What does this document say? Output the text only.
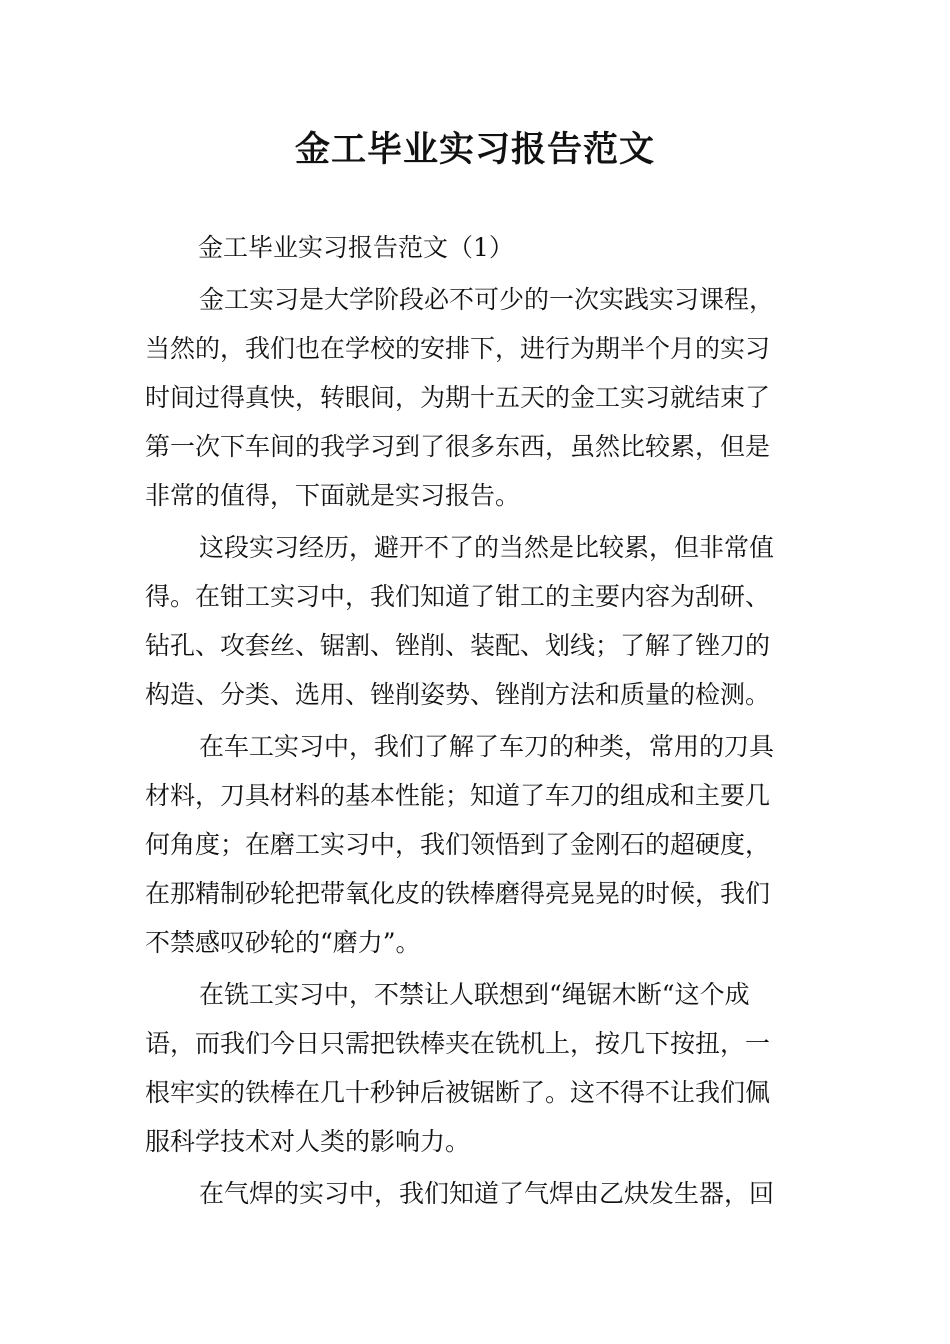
金工毕业实习报告范文
金工毕业实习报告范文（1）
金工实习是大学阶段必不可少的一次实践实习课程，
当然的，我们也在学校的安排下，进行为期半个月的实习
时间过得真快，转眼间，为期十五天的金工实习就结束了
第一次下车间的我学习到了很多东西，虽然比较累，但是
非常的值得，下面就是实习报告。
这段实习经历，避开不了的当然是比较累，但非常值
得。在钳工实习中，我们知道了钳工的主要内容为刮研、
钻孔、攻套丝、锯割、锉削、装配、划线；了解了锉刀的
构造、分类、选用、锉削姿势、锉削方法和质量的检测。
在车工实习中，我们了解了车刀的种类，常用的刀具
材料，刀具材料的基本性能；知道了车刀的组成和主要几
何角度；在磨工实习中，我们领悟到了金刚石的超硬度，
在那精制砂轮把带氧化皮的铁棒磨得亮晃晃的时候，我们
不禁感叹砂轮的“磨力”。
在铣工实习中，不禁让人联想到“绳锯木断“这个成
语，而我们今日只需把铁棒夹在铣机上，按几下按扭，一
根牢实的铁棒在几十秒钟后被锯断了。这不得不让我们佩
服科学技术对人类的影响力。
在气焊的实习中，我们知道了气焊由乙炔发生器，回
